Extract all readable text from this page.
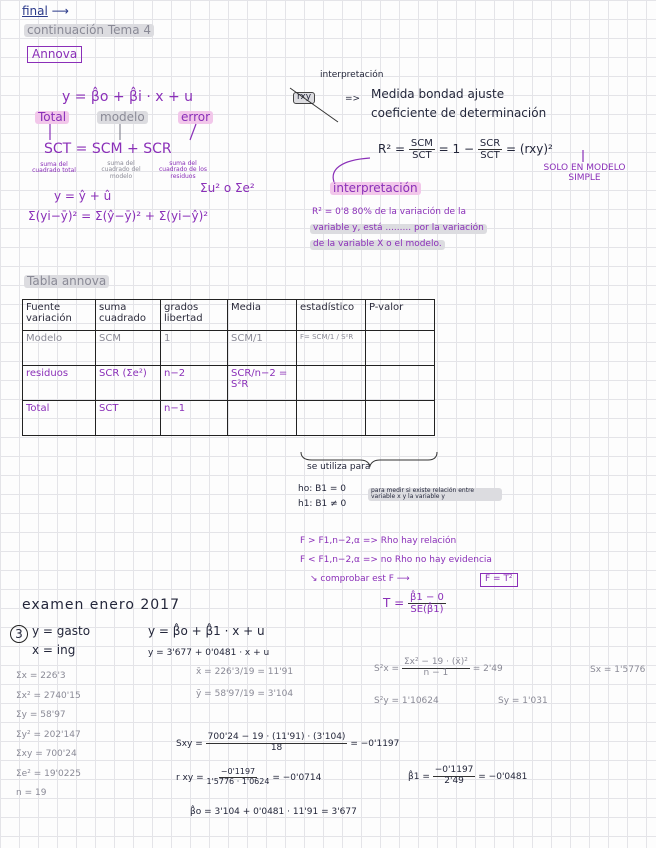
final ⟶
continuación Tema 4
Annova
y = β̂o + β̂i · x + u
Total	modelo	error
SCT = SCM + SCR
suma del cuadrado total
suma del cuadrado del modelo
suma del cuadrado de los residuos
y = ŷ + û
Σu² o Σe²
Σ(yi−ȳ)² = Σ(ŷ−ȳ)² + Σ(yi−ŷ)²
interpretación
rxy	=> Medida bondad ajuste
coeficiente de determinación
$R^2 = \frac{\text{SCM}}{\text{SCT}} = 1 - \frac{\text{SCR}}{\text{SCT}} = (rxy)^2$
SOLO EN MODELO SIMPLE
interpretación
R² = 0'8 80% de la variación de la
variable y, está ......... por la variación
de la variable X o el modelo.
Tabla annova
Fuente variación	suma cuadrado	grados libertad	Media	estadístico	P-valor
Modelo	SCM	1	SCM/1	F= SCM/1 / S²R	
residuos	SCR (Σe²)	n−2	SCR/n−2 = S²R		
Total	SCT	n−1			
se utiliza para
ho: B1 = 0
h1: B1 ≠ 0
para medir si existe relación entre variable x y la variable y
F > F1,n−2,α => Rho hay relación
F < F1,n−2,α => no Rho no hay evidencia
↘ comprobar est F ⟶	F = T²
$T = \frac{\betâ1 - 0}{SE(\betâ1)}$
examen enero 2017
3 y = gasto
x = ing
y = β̂o + β̂1 · x + u
y = 3'677 + 0'0481 · x + u
Σx = 226'3
Σx² = 2740'15
Σy = 58'97
Σy² = 202'147
Σxy = 700'24
Σe² = 19'0225
n = 19
x̄ = 226'3/19 = 11'91
ȳ = 58'97/19 = 3'104
$S^2x = \frac{\text{Σx² − 19 · (x̄)²}}{n - 1} = 2'49$	Sx = 1'5776
S²y = 1'10624	Sy = 1'031
Sxy = $\frac{700'24 - 19 \cdot (11'91) \cdot (3'104)}{18} = -0'1197$
r xy = $\frac{-0'1197}{1'5776 \cdot 1'0624} = -0'0714$	β̂1 = $\frac{-0'1197}{2'49} = -0'0481$
β̂o = 3'104 + 0'0481 · 11'91 = 3'677
